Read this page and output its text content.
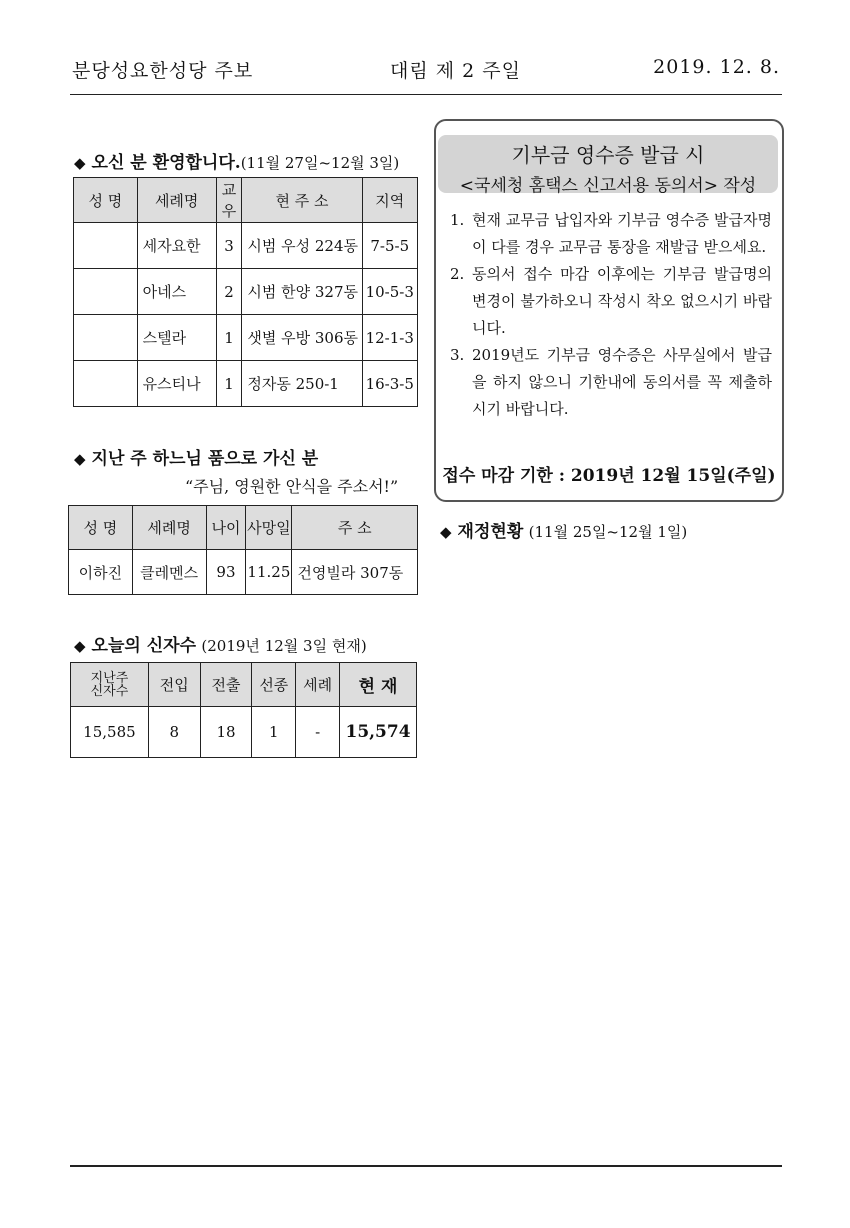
분당성요한성당 주보	대림 제 2 주일	2019. 12. 8.
◆ 오신 분 환영합니다.(11월 27일~12월 3일)
성 명	세례명	교우	현 주 소	지역
	세자요한	3	시범 우성 224동	7-5-5
	아네스	2	시범 한양 327동	10-5-3
	스텔라	1	샛별 우방 306동	12-1-3
	유스티나	1	정자동 250-1	16-3-5
◆ 지난 주 하느님 품으로 가신 분
“주님, 영원한 안식을 주소서!”
성 명	세례명	나이	사망일	주 소
이하진	클레멘스	93	11.25	건영빌라 307동
◆ 오늘의 신자수 (2019년 12월 3일 현재)
지난주
신자수	전입	전출	선종	세례	현 재
15,585	8	18	1	-	15,574
기부금 영수증 발급 시
<국세청 홈택스 신고서용 동의서> 작성
1. 현재 교무금 납입자와 기부금 영수증 발급자명이 다를 경우 교무금 통장을 재발급 받으세요.
2. 동의서 접수 마감 이후에는 기부금 발급명의 변경이 불가하오니 작성시 착오 없으시기 바랍니다.
3. 2019년도 기부금 영수증은 사무실에서 발급을 하지 않으니 기한내에 동의서를 꼭 제출하시기 바랍니다.
접수 마감 기한 : 2019년 12월 15일(주일)
◆ 재정현황 (11월 25일~12월 1일)
